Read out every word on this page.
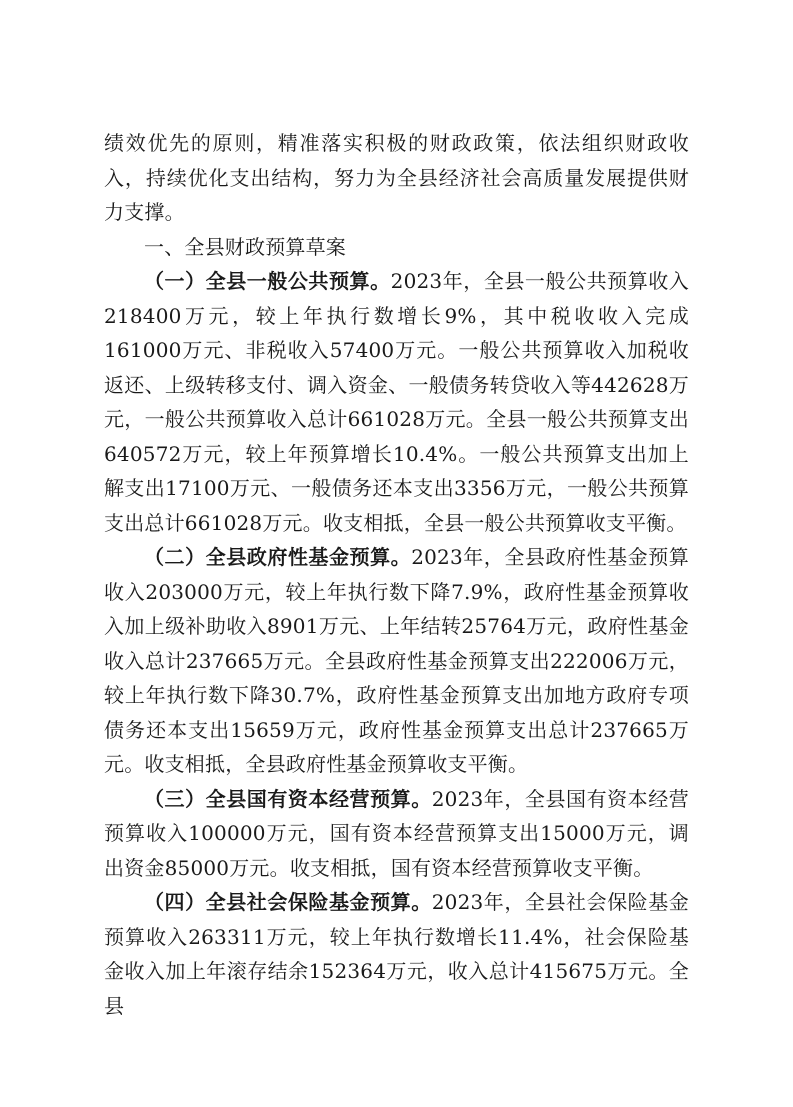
绩效优先的原则，精准落实积极的财政政策，依法组织财政收入，持续优化支出结构，努力为全县经济社会高质量发展提供财力支撑。

一、全县财政预算草案

（一）全县一般公共预算。2023年，全县一般公共预算收入218400万元，较上年执行数增长9%，其中税收收入完成161000万元、非税收入57400万元。一般公共预算收入加税收返还、上级转移支付、调入资金、一般债务转贷收入等442628万元，一般公共预算收入总计661028万元。全县一般公共预算支出640572万元，较上年预算增长10.4%。一般公共预算支出加上解支出17100万元、一般债务还本支出3356万元，一般公共预算支出总计661028万元。收支相抵，全县一般公共预算收支平衡。

（二）全县政府性基金预算。2023年，全县政府性基金预算收入203000万元，较上年执行数下降7.9%，政府性基金预算收入加上级补助收入8901万元、上年结转25764万元，政府性基金收入总计237665万元。全县政府性基金预算支出222006万元，较上年执行数下降30.7%，政府性基金预算支出加地方政府专项债务还本支出15659万元，政府性基金预算支出总计237665万元。收支相抵，全县政府性基金预算收支平衡。

（三）全县国有资本经营预算。2023年，全县国有资本经营预算收入100000万元，国有资本经营预算支出15000万元，调出资金85000万元。收支相抵，国有资本经营预算收支平衡。

（四）全县社会保险基金预算。2023年，全县社会保险基金预算收入263311万元，较上年执行数增长11.4%，社会保险基金收入加上年滚存结余152364万元，收入总计415675万元。全县
